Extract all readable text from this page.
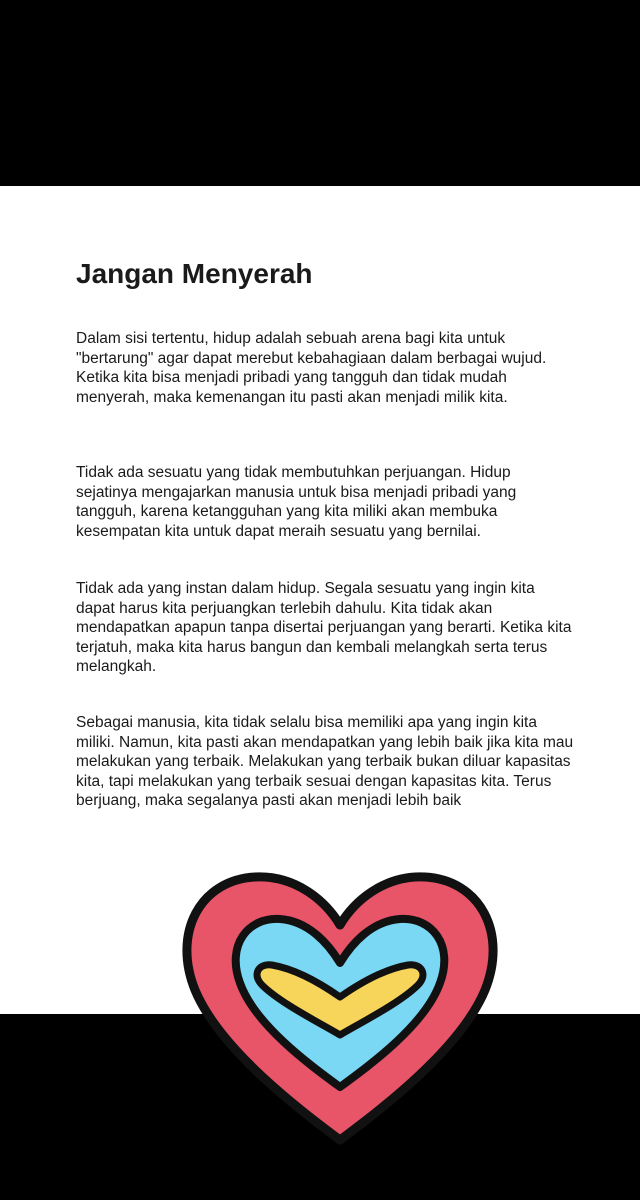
Jangan Menyerah

Dalam sisi tertentu, hidup adalah sebuah arena bagi kita untuk "bertarung" agar dapat merebut kebahagiaan dalam berbagai wujud. Ketika kita bisa menjadi pribadi yang tangguh dan tidak mudah menyerah, maka kemenangan itu pasti akan menjadi milik kita.

Tidak ada sesuatu yang tidak membutuhkan perjuangan. Hidup sejatinya mengajarkan manusia untuk bisa menjadi pribadi yang tangguh, karena ketangguhan yang kita miliki akan membuka kesempatan kita untuk dapat meraih sesuatu yang bernilai.

Tidak ada yang instan dalam hidup. Segala sesuatu yang ingin kita dapat harus kita perjuangkan terlebih dahulu. Kita tidak akan mendapatkan apapun tanpa disertai perjuangan yang berarti. Ketika kita terjatuh, maka kita harus bangun dan kembali melangkah serta terus melangkah.

Sebagai manusia, kita tidak selalu bisa memiliki apa yang ingin kita miliki. Namun, kita pasti akan mendapatkan yang lebih baik jika kita mau melakukan yang terbaik. Melakukan yang terbaik bukan diluar kapasitas kita, tapi melakukan yang terbaik sesuai dengan kapasitas kita. Terus berjuang, maka segalanya pasti akan menjadi lebih baik
